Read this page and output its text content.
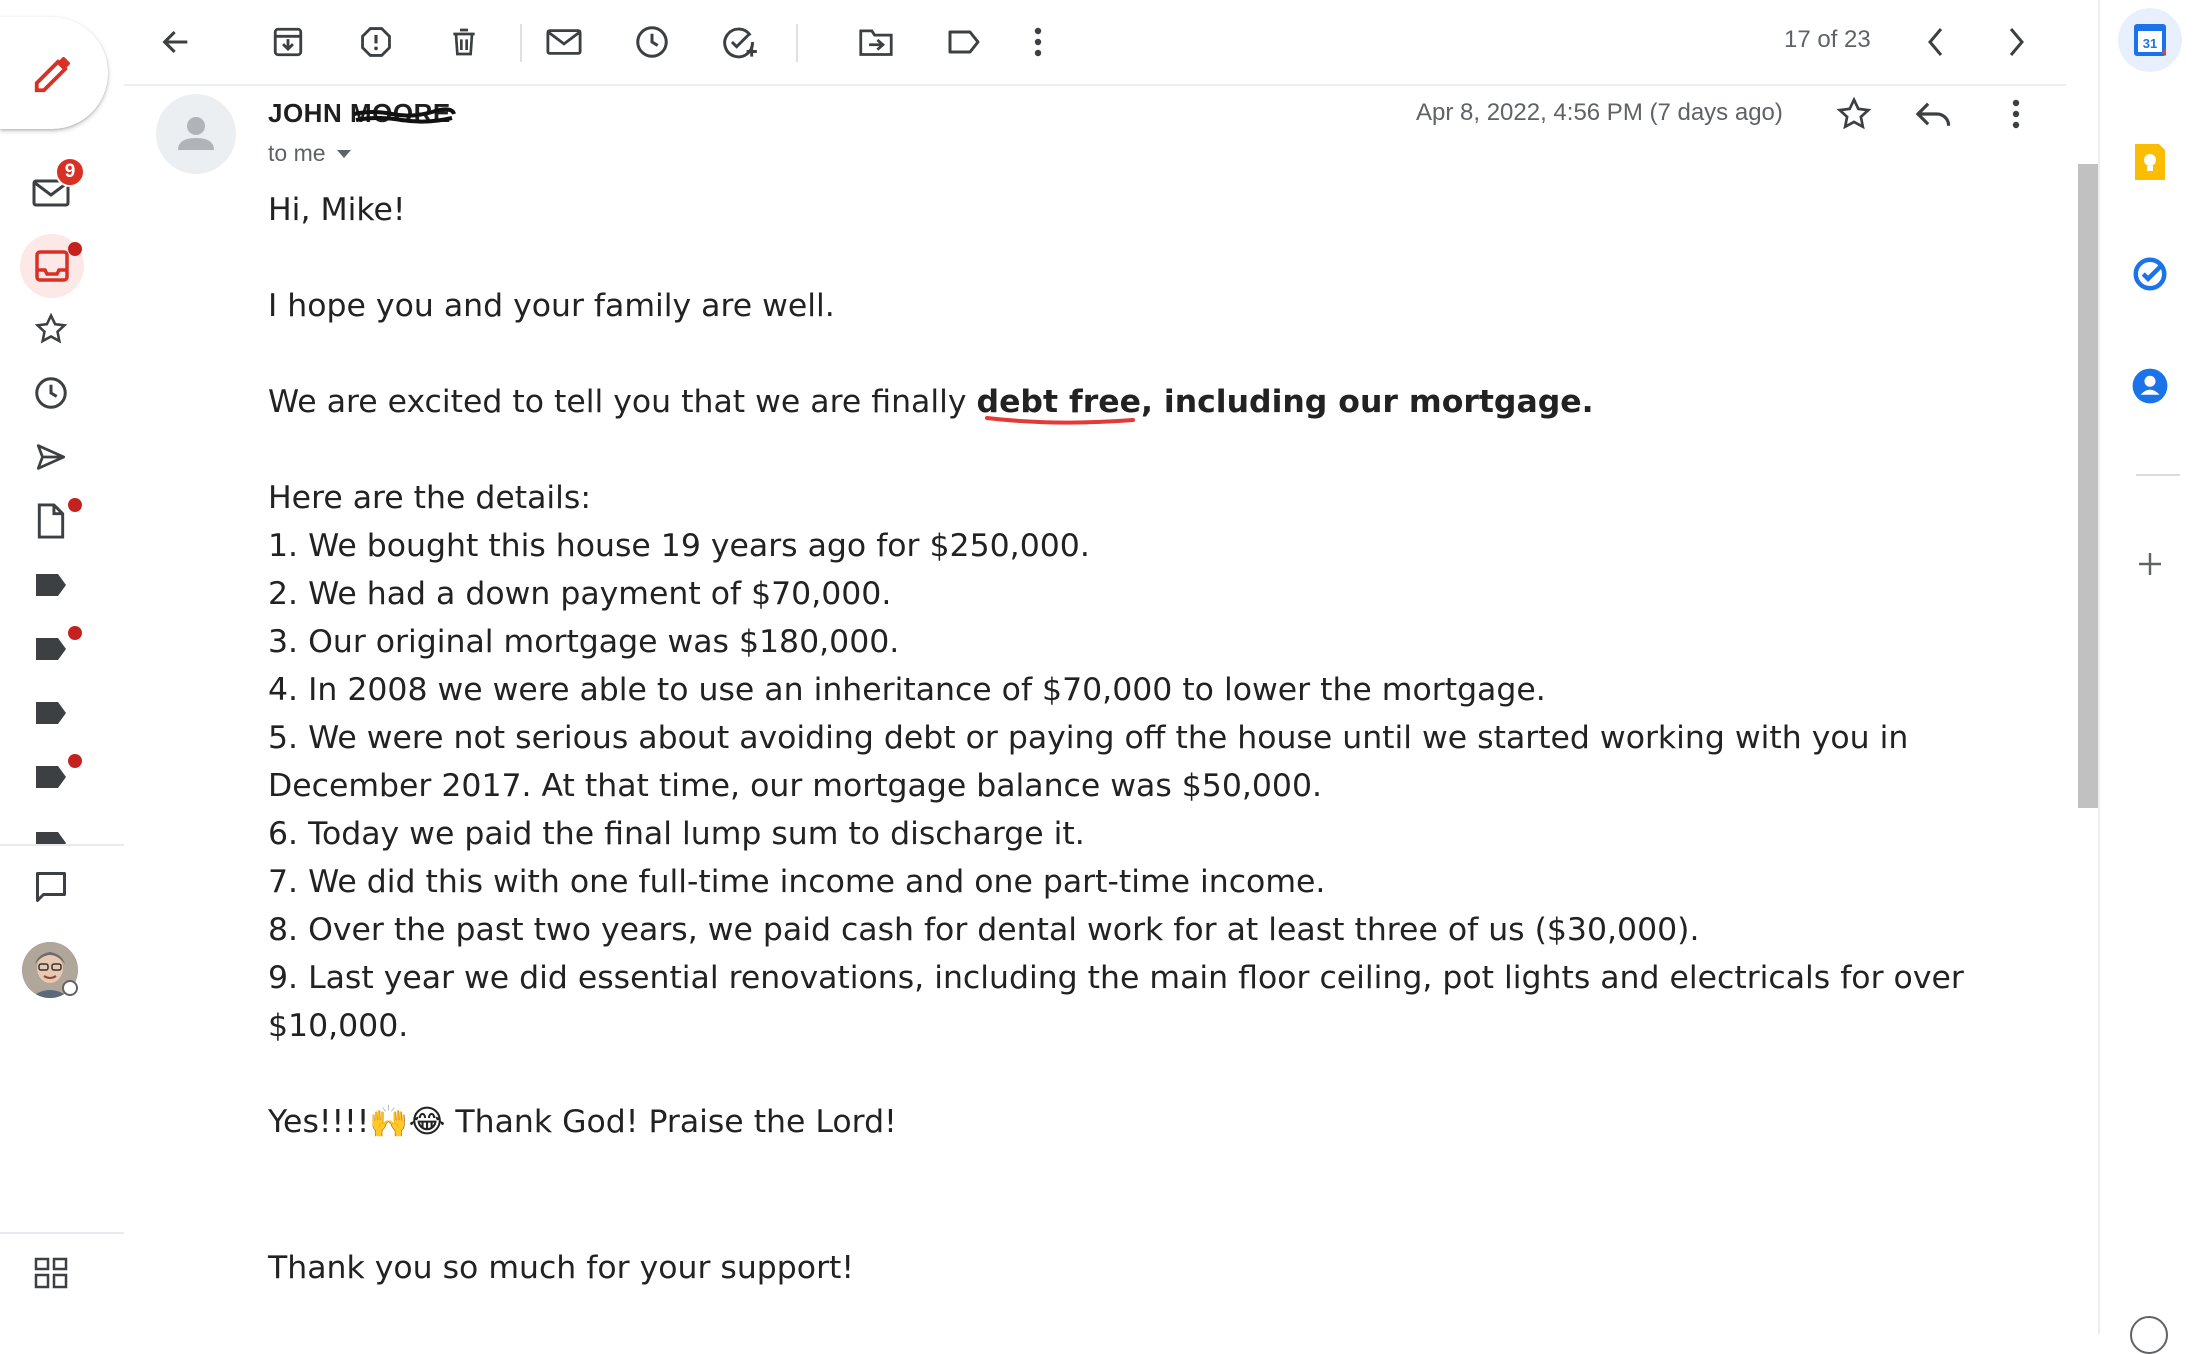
9
17 of 23
JOHN MOORE
to me
Apr 8, 2022, 4:56 PM (7 days ago)

Hi, Mike!

I hope you and your family are well.

We are excited to tell you that we are finally debt free
, including our mortgage.

Here are the details:

1. We bought this house 19 years ago for $250,000.

2. We had a down payment of $70,000.

3. Our original mortgage was $180,000.

4. In 2008 we were able to use an inheritance of $70,000 to lower the mortgage.

5. We were not serious about avoiding debt or paying off the house until we started working with you in December 2017. At that time, our mortgage balance was $50,000.

6. Today we paid the final lump sum to discharge it.

7. We did this with one full-time income and one part-time income.

8. Over the past two years, we paid cash for dental work for at least three of us ($30,000).

9. Last year we did essential renovations, including the main floor ceiling, pot lights and electricals for over $10,000.

Yes!!!!🙌😂 Thank God! Praise the Lord!

Thank you so much for your support!

31
